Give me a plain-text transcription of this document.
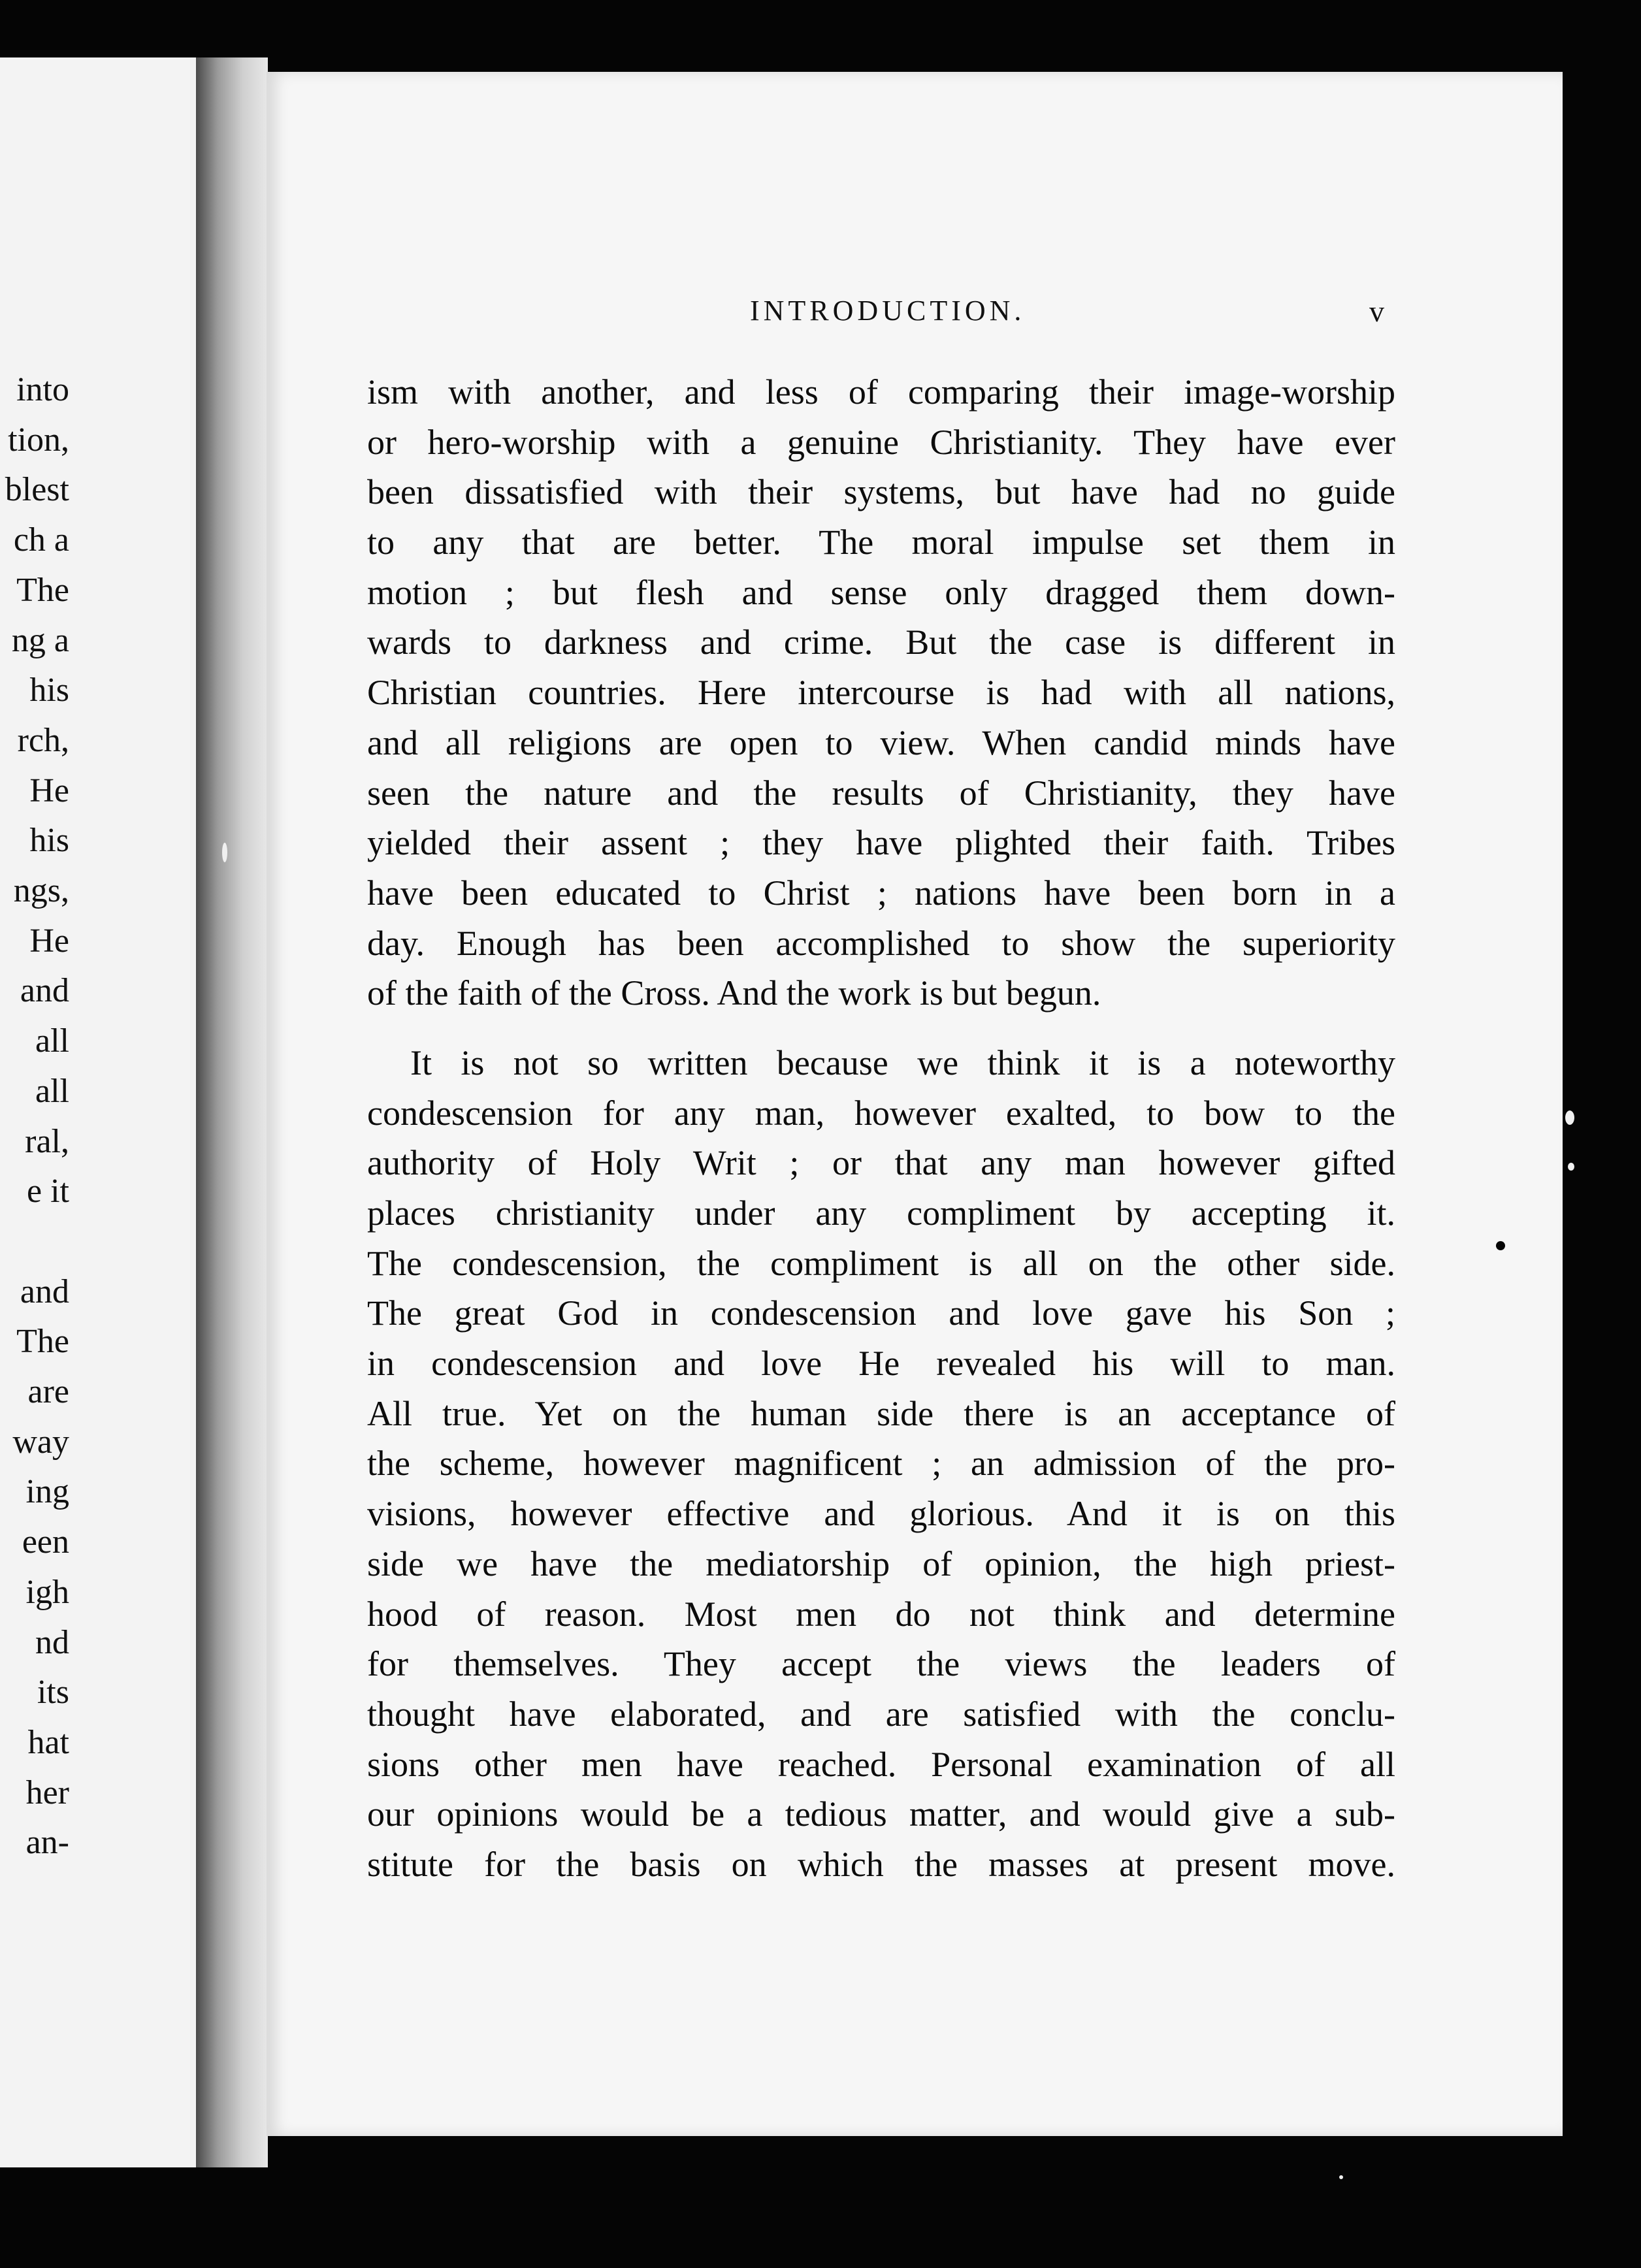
into
tion,
blest
ch a
The
ng a
his
rch,
He
his
ngs,
He
and
all
all
ral,
e it
and
The
are
way
ing
een
igh
nd
its
hat
her
an-
INTRODUCTION.	v
ism with another, and less of comparing their image-worship
or hero-worship with a genuine Christianity. They have ever
been dissatisfied with their systems, but have had no guide
to any that are better. The moral impulse set them in
motion ; but flesh and sense only dragged them down-
wards to darkness and crime. But the case is different in
Christian countries. Here intercourse is had with all nations,
and all religions are open to view. When candid minds have
seen the nature and the results of Christianity, they have
yielded their assent ; they have plighted their faith. Tribes
have been educated to Christ ; nations have been born in a
day. Enough has been accomplished to show the superiority
of the faith of the Cross. And the work is but begun.
It is not so written because we think it is a noteworthy
condescension for any man, however exalted, to bow to the
authority of Holy Writ ; or that any man however gifted
places christianity under any compliment by accepting it.
The condescension, the compliment is all on the other side.
The great God in condescension and love gave his Son ;
in condescension and love He revealed his will to man.
All true. Yet on the human side there is an acceptance of
the scheme, however magnificent ; an admission of the pro-
visions, however effective and glorious. And it is on this
side we have the mediatorship of opinion, the high priest-
hood of reason. Most men do not think and determine
for themselves. They accept the views the leaders of
thought have elaborated, and are satisfied with the conclu-
sions other men have reached. Personal examination of all
our opinions would be a tedious matter, and would give a sub-
stitute for the basis on which the masses at present move.
